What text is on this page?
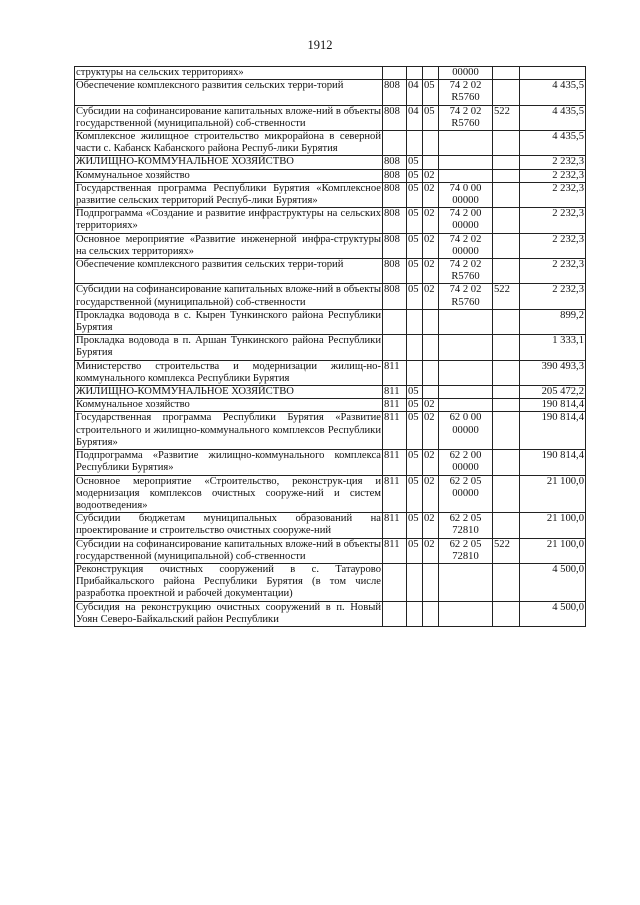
1912
структуры на сельских территориях»				00000		
Обеспечение комплексного развития сельских терри-торий	808	04	05	74 2 02 R5760		4 435,5
Субсидии на софинансирование капитальных вложе-ний в объекты государственной (муниципальной) соб-ственности	808	04	05	74 2 02 R5760	522	4 435,5
Комплексное жилищное строительство микрорайона в северной части с. Кабанск Кабанского района Респуб-лики Бурятия						4 435,5
ЖИЛИЩНО-КОММУНАЛЬНОЕ ХОЗЯЙСТВО	808	05				2 232,3
Коммунальное хозяйство	808	05	02			2 232,3
Государственная программа Республики Бурятия «Комплексное развитие сельских территорий Респуб-лики Бурятия»	808	05	02	74 0 00 00000		2 232,3
Подпрограмма «Создание и развитие инфраструктуры на сельских территориях»	808	05	02	74 2 00 00000		2 232,3
Основное мероприятие «Развитие инженерной инфра-структуры на сельских территориях»	808	05	02	74 2 02 00000		2 232,3
Обеспечение комплексного развития сельских терри-торий	808	05	02	74 2 02 R5760		2 232,3
Субсидии на софинансирование капитальных вложе-ний в объекты государственной (муниципальной) соб-ственности	808	05	02	74 2 02 R5760	522	2 232,3
Прокладка водовода в с. Кырен Тункинского района Республики Бурятия						899,2
Прокладка водовода в п. Аршан Тункинского района Республики Бурятия						1 333,1
Министерство строительства и модернизации жилищ-но-коммунального комплекса Республики Бурятия	811					390 493,3
ЖИЛИЩНО-КОММУНАЛЬНОЕ ХОЗЯЙСТВО	811	05				205 472,2
Коммунальное хозяйство	811	05	02			190 814,4
Государственная программа Республики Бурятия «Развитие строительного и жилищно-коммунального комплексов Республики Бурятия»	811	05	02	62 0 00 00000		190 814,4
Подпрограмма «Развитие жилищно-коммунального комплекса Республики Бурятия»	811	05	02	62 2 00 00000		190 814,4
Основное мероприятие «Строительство, реконструк-ция и модернизация комплексов очистных сооруже-ний и систем водоотведения»	811	05	02	62 2 05 00000		21 100,0
Субсидии бюджетам муниципальных образований на проектирование и строительство очистных сооруже-ний	811	05	02	62 2 05 72810		21 100,0
Субсидии на софинансирование капитальных вложе-ний в объекты государственной (муниципальной) соб-ственности	811	05	02	62 2 05 72810	522	21 100,0
Реконструкция очистных сооружений в с. Татаурово Прибайкальского района Республики Бурятия (в том числе разработка проектной и рабочей документации)						4 500,0
Субсидия на реконструкцию очистных сооружений в п. Новый Уоян Северо-Байкальский район Республики						4 500,0
